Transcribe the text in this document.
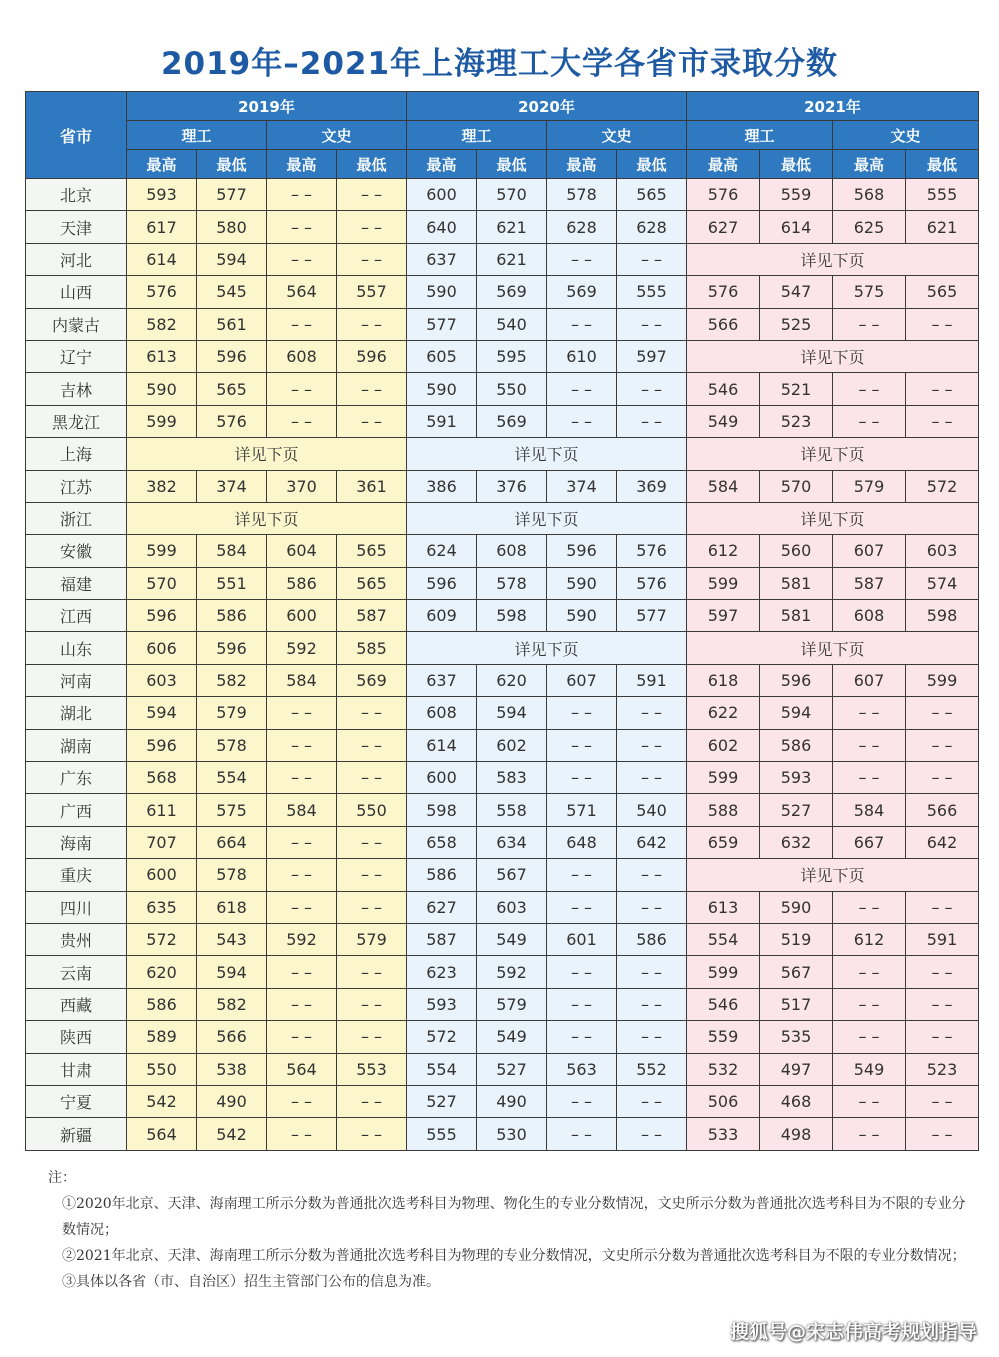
2019年–2021年上海理工大学各省市录取分数
省市	2019年				2020年				2021年			
	理工		文史		理工		文史		理工		文史	
	最高	最低	最高	最低	最高	最低	最高	最低	最高	最低	最高	最低
北京	593	577	– –	– –	600	570	578	565	576	559	568	555
天津	617	580	– –	– –	640	621	628	628	627	614	625	621
河北	614	594	– –	– –	637	621	– –	– –	详见下页			
山西	576	545	564	557	590	569	569	555	576	547	575	565
内蒙古	582	561	– –	– –	577	540	– –	– –	566	525	– –	– –
辽宁	613	596	608	596	605	595	610	597	详见下页			
吉林	590	565	– –	– –	590	550	– –	– –	546	521	– –	– –
黑龙江	599	576	– –	– –	591	569	– –	– –	549	523	– –	– –
上海	详见下页				详见下页				详见下页			
江苏	382	374	370	361	386	376	374	369	584	570	579	572
浙江	详见下页				详见下页				详见下页			
安徽	599	584	604	565	624	608	596	576	612	560	607	603
福建	570	551	586	565	596	578	590	576	599	581	587	574
江西	596	586	600	587	609	598	590	577	597	581	608	598
山东	606	596	592	585	详见下页				详见下页			
河南	603	582	584	569	637	620	607	591	618	596	607	599
湖北	594	579	– –	– –	608	594	– –	– –	622	594	– –	– –
湖南	596	578	– –	– –	614	602	– –	– –	602	586	– –	– –
广东	568	554	– –	– –	600	583	– –	– –	599	593	– –	– –
广西	611	575	584	550	598	558	571	540	588	527	584	566
海南	707	664	– –	– –	658	634	648	642	659	632	667	642
重庆	600	578	– –	– –	586	567	– –	– –	详见下页			
四川	635	618	– –	– –	627	603	– –	– –	613	590	– –	– –
贵州	572	543	592	579	587	549	601	586	554	519	612	591
云南	620	594	– –	– –	623	592	– –	– –	599	567	– –	– –
西藏	586	582	– –	– –	593	579	– –	– –	546	517	– –	– –
陕西	589	566	– –	– –	572	549	– –	– –	559	535	– –	– –
甘肃	550	538	564	553	554	527	563	552	532	497	549	523
宁夏	542	490	– –	– –	527	490	– –	– –	506	468	– –	– –
新疆	564	542	– –	– –	555	530	– –	– –	533	498	– –	– –
注：
①2020年北京、天津、海南理工所示分数为普通批次选考科目为物理、物化生的专业分数情况，文史所示分数为普通批次选考科目为不限的专业分数情况；
②2021年北京、天津、海南理工所示分数为普通批次选考科目为物理的专业分数情况，文史所示分数为普通批次选考科目为不限的专业分数情况；
③具体以各省（市、自治区）招生主管部门公布的信息为准。
搜狐号@宋志伟高考规划指导
